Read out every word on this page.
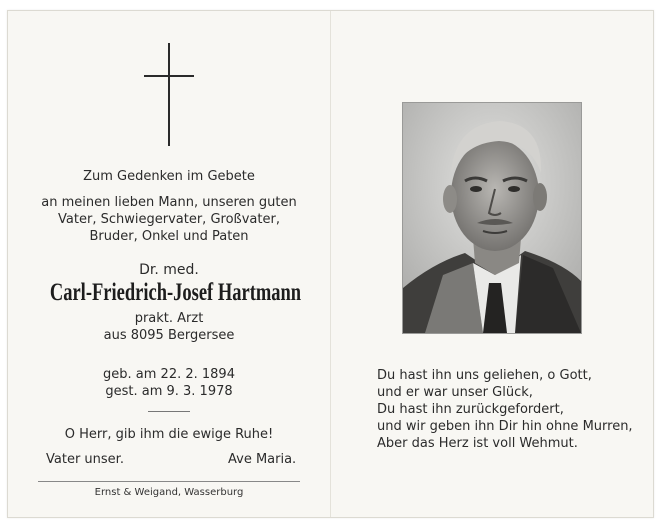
Zum Gedenken im Gebete
an meinen lieben Mann, unseren guten
Vater, Schwiegervater, Großvater,
Bruder, Onkel und Paten
Dr. med.
Carl-Friedrich-Josef Hartmann
prakt. Arzt
aus 8095 Bergersee
geb. am 22. 2. 1894
gest. am 9. 3. 1978
O Herr, gib ihm die ewige Ruhe!
Vater unser.	Ave Maria.
Ernst & Weigand, Wasserburg
Du hast ihn uns geliehen, o Gott,
und er war unser Glück,
Du hast ihn zurückgefordert,
und wir geben ihn Dir hin ohne Murren,
Aber das Herz ist voll Wehmut.
